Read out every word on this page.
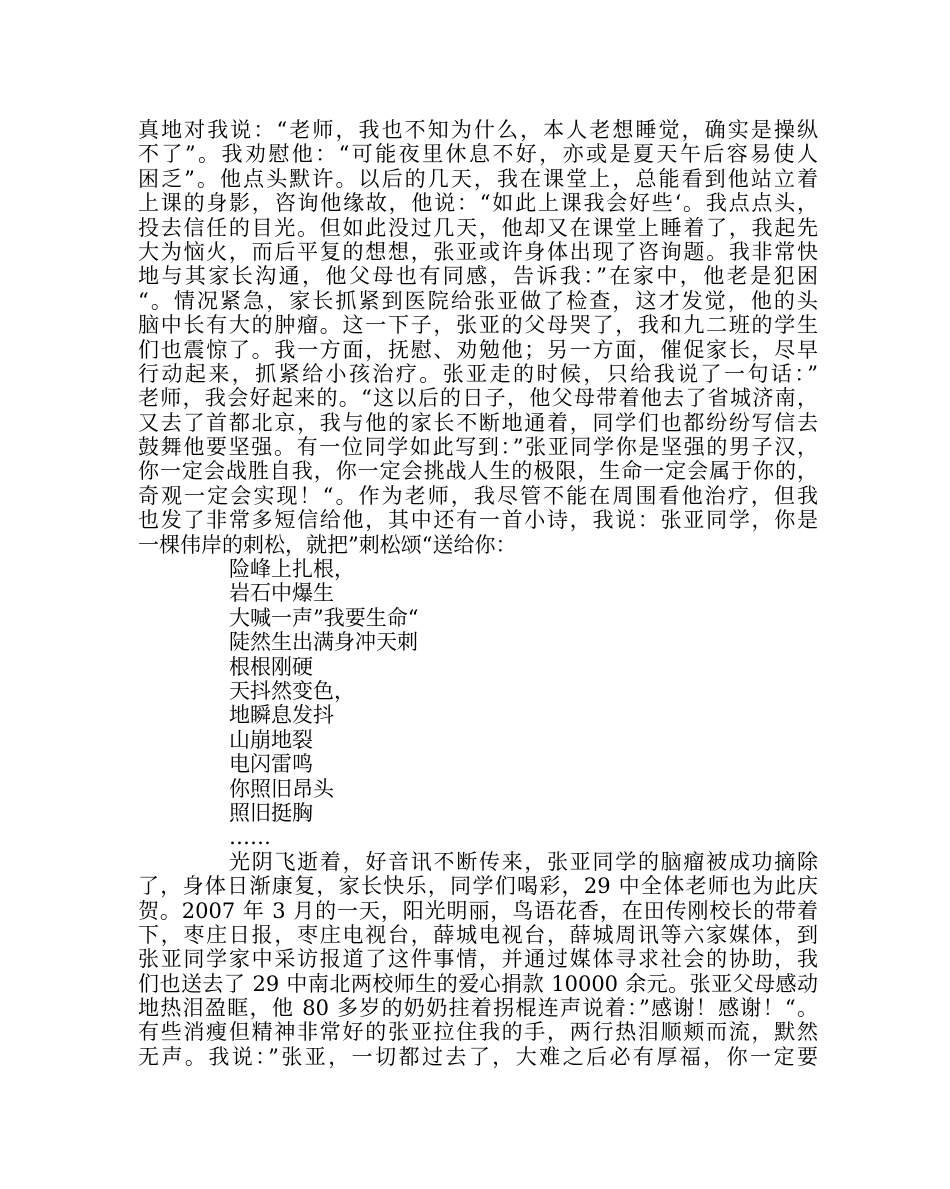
真地对我说：“老师，我也不知为什么，本人老想睡觉，确实是操纵
不了”。我劝慰他：“可能夜里休息不好，亦或是夏天午后容易使人
困乏”。他点头默许。以后的几天，我在课堂上，总能看到他站立着
上课的身影，咨询他缘故，他说：“如此上课我会好些‘。我点点头，
投去信任的目光。但如此没过几天，他却又在课堂上睡着了，我起先
大为恼火，而后平复的想想，张亚或许身体出现了咨询题。我非常快
地与其家长沟通，他父母也有同感，告诉我：”在家中，他老是犯困
“。情况紧急，家长抓紧到医院给张亚做了检查，这才发觉，他的头
脑中长有大的肿瘤。这一下子，张亚的父母哭了，我和九二班的学生
们也震惊了。我一方面，抚慰、劝勉他；另一方面，催促家长，尽早
行动起来，抓紧给小孩治疗。张亚走的时候，只给我说了一句话：”
老师，我会好起来的。“这以后的日子，他父母带着他去了省城济南，
又去了首都北京，我与他的家长不断地通着，同学们也都纷纷写信去
鼓舞他要坚强。有一位同学如此写到：”张亚同学你是坚强的男子汉，
你一定会战胜自我，你一定会挑战人生的极限，生命一定会属于你的，
奇观一定会实现！“。作为老师，我尽管不能在周围看他治疗，但我
也发了非常多短信给他，其中还有一首小诗，我说：张亚同学，你是
一棵伟岸的刺松，就把”刺松颂“送给你：
险峰上扎根，
岩石中爆生
大喊一声”我要生命“
陡然生出满身冲天刺
根根刚硬
天抖然变色，
地瞬息发抖
山崩地裂
电闪雷鸣
你照旧昂头
照旧挺胸
……
光阴飞逝着，好音讯不断传来，张亚同学的脑瘤被成功摘除
了，身体日渐康复，家长快乐，同学们喝彩，29 中全体老师也为此庆
贺。2007 年 3 月的一天，阳光明丽，鸟语花香，在田传刚校长的带着
下，枣庄日报，枣庄电视台，薛城电视台，薛城周讯等六家媒体，到
张亚同学家中采访报道了这件事情，并通过媒体寻求社会的协助，我
们也送去了 29 中南北两校师生的爱心捐款 10000 余元。张亚父母感动
地热泪盈眶，他 80 多岁的奶奶拄着拐棍连声说着：”感谢！感谢！“。
有些消瘦但精神非常好的张亚拉住我的手，两行热泪顺颊而流，默然
无声。我说：”张亚，一切都过去了，大难之后必有厚福，你一定要
